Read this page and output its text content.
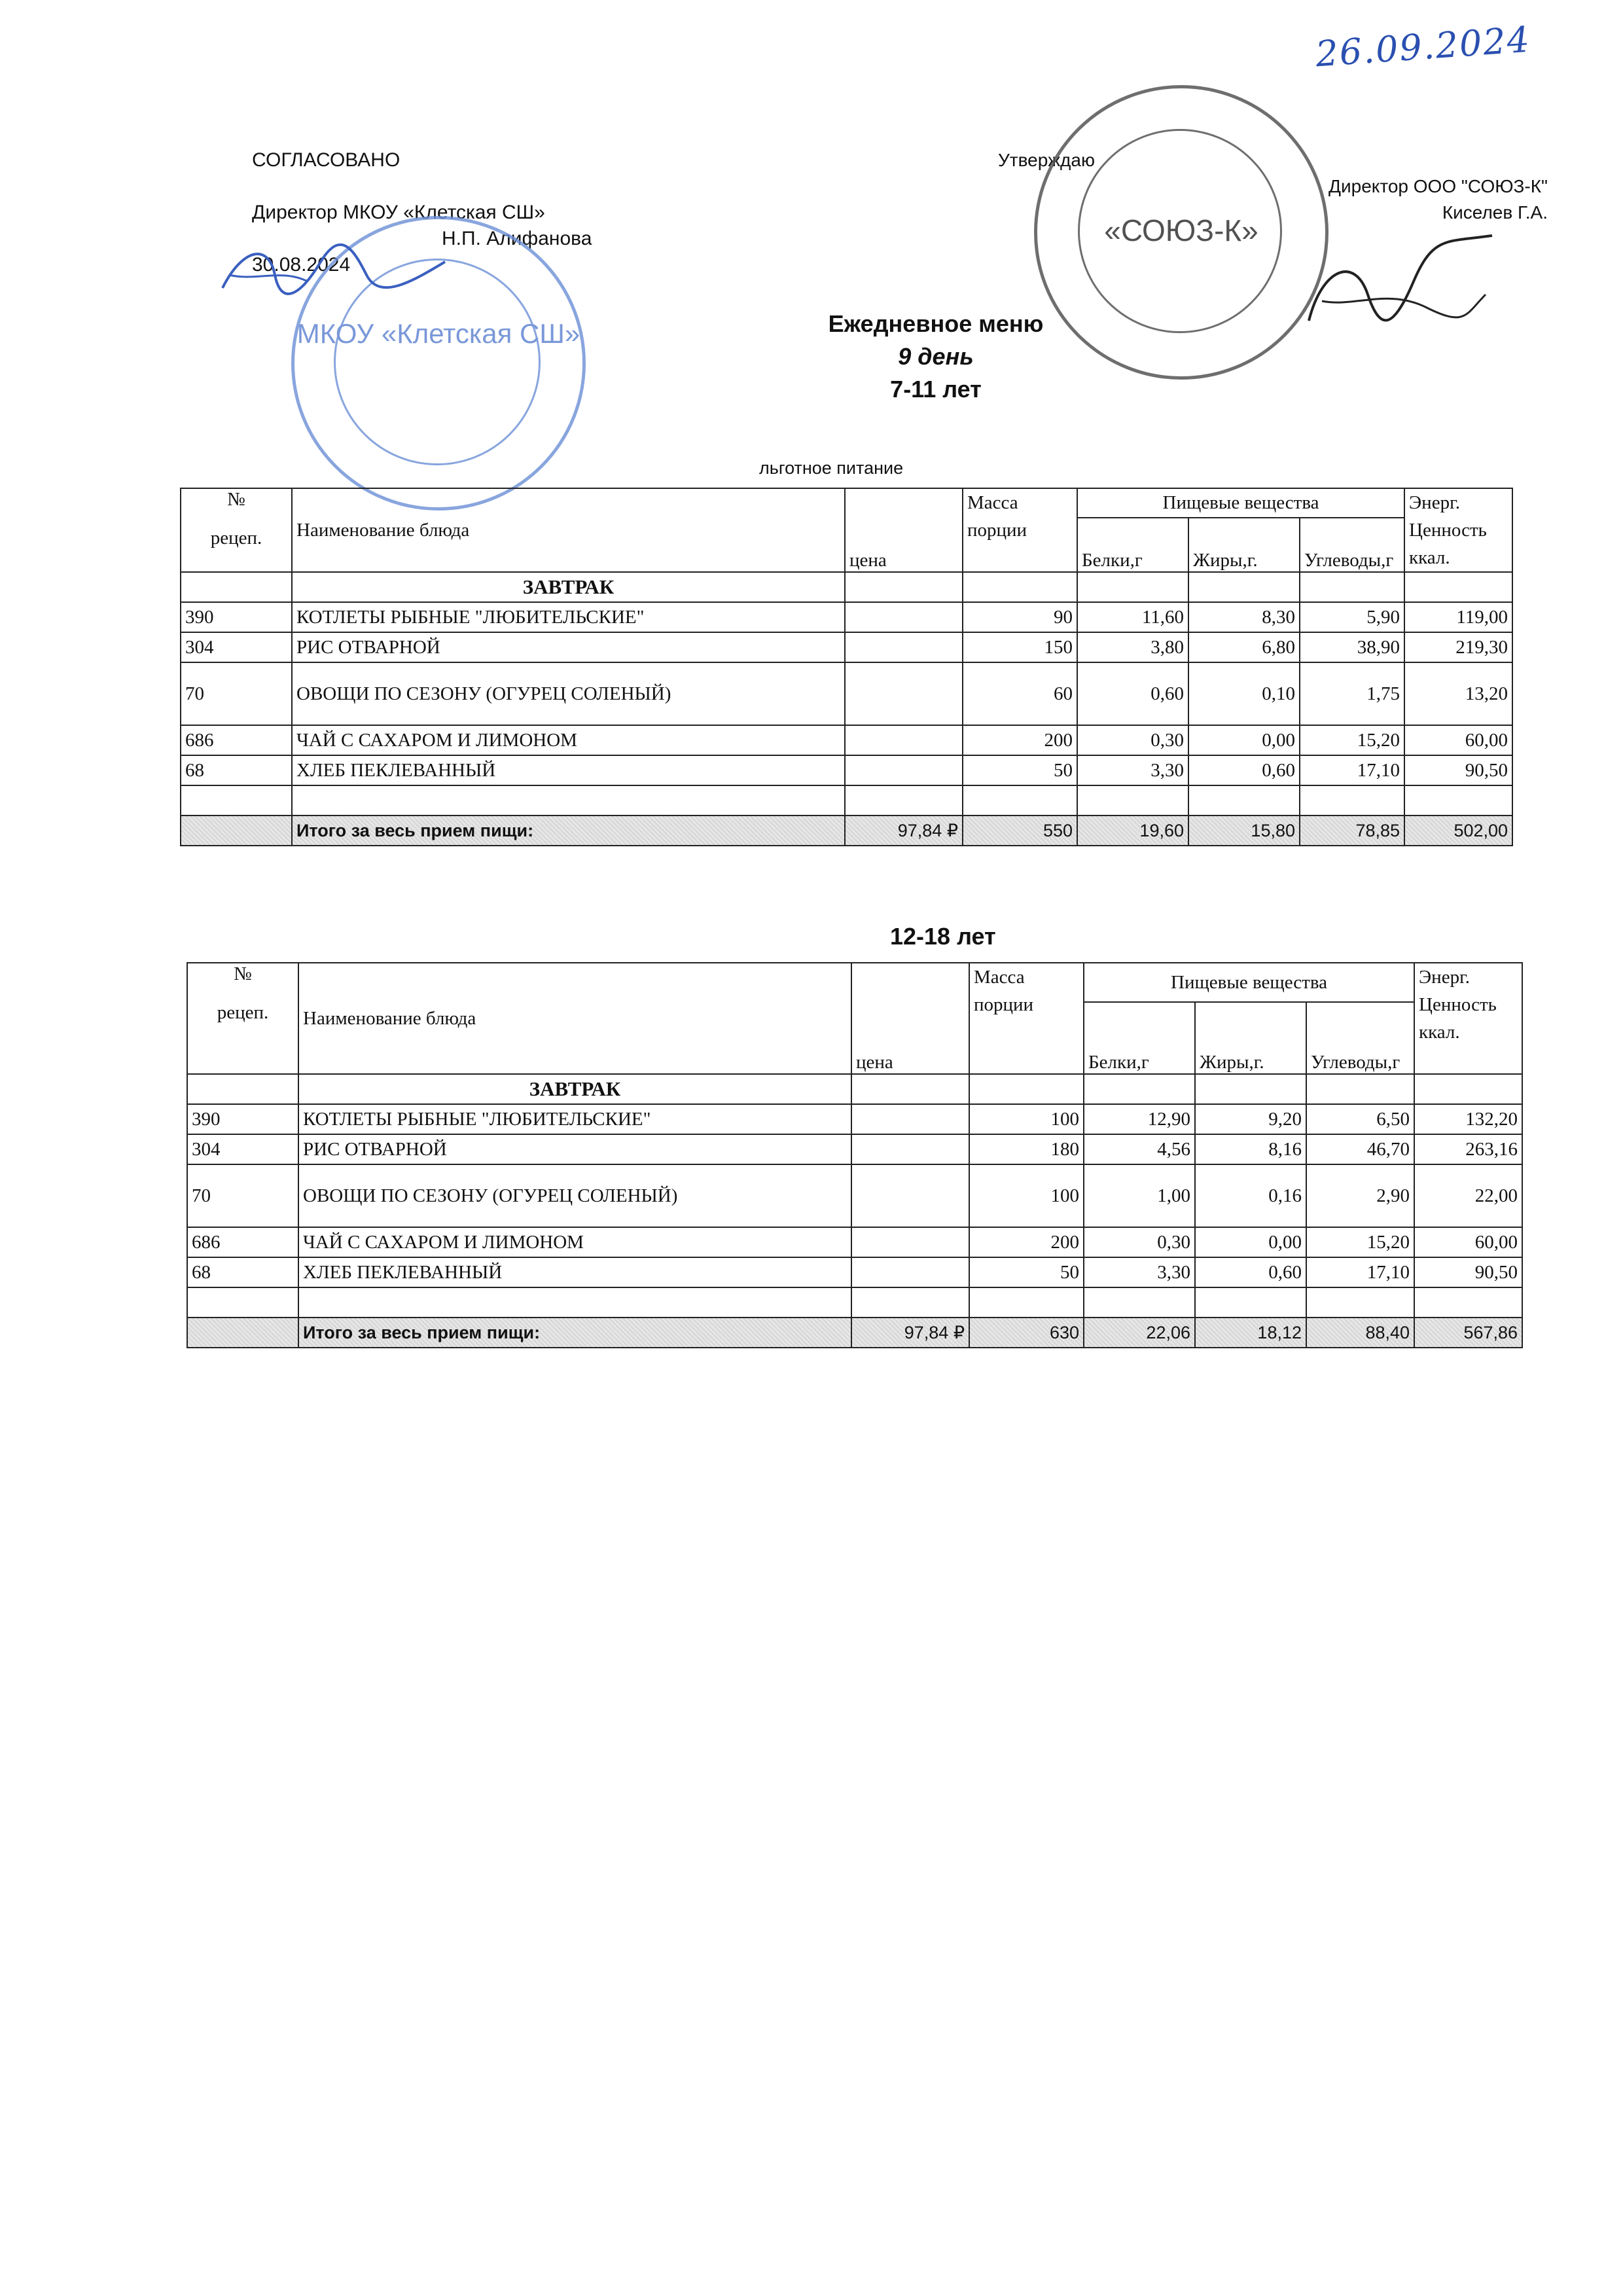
26.09.2024
СОГЛАСОВАНО
Директор МКОУ «Клетская СШ»
Н.П. Алифанова
30.08.2024
МКОУ «Клетская СШ»
Утверждаю
Директор ООО "СОЮЗ-К"
Киселев Г.А.
«СОЮЗ-К»
Ежедневное меню
9 день
7-11 лет
льготное питание
№
рецеп.	Наименование блюда	цена	Масса порции	Пищевые вещества			Энерг. Ценность ккал.
				Белки,г	Жиры,г.	Углеводы,г	
	ЗАВТРАК						
390	КОТЛЕТЫ РЫБНЫЕ "ЛЮБИТЕЛЬСКИЕ"		90	11,60	8,30	5,90	119,00
304	РИС ОТВАРНОЙ		150	3,80	6,80	38,90	219,30
70	ОВОЩИ ПО СЕЗОНУ (ОГУРЕЦ СОЛЕНЫЙ)		60	0,60	0,10	1,75	13,20
686	ЧАЙ С САХАРОМ И ЛИМОНОМ		200	0,30	0,00	15,20	60,00
68	ХЛЕБ ПЕКЛЕВАННЫЙ		50	3,30	0,60	17,10	90,50

	Итого за весь прием пищи:	97,84 ₽	550	19,60	15,80	78,85	502,00
12-18 лет
№
рецеп.	Наименование блюда	цена	Масса порции	Пищевые вещества			Энерг. Ценность ккал.
				Белки,г	Жиры,г.	Углеводы,г	
	ЗАВТРАК						
390	КОТЛЕТЫ РЫБНЫЕ "ЛЮБИТЕЛЬСКИЕ"		100	12,90	9,20	6,50	132,20
304	РИС ОТВАРНОЙ		180	4,56	8,16	46,70	263,16
70	ОВОЩИ ПО СЕЗОНУ (ОГУРЕЦ СОЛЕНЫЙ)		100	1,00	0,16	2,90	22,00
686	ЧАЙ С САХАРОМ И ЛИМОНОМ		200	0,30	0,00	15,20	60,00
68	ХЛЕБ ПЕКЛЕВАННЫЙ		50	3,30	0,60	17,10	90,50

	Итого за весь прием пищи:	97,84 ₽	630	22,06	18,12	88,40	567,86
